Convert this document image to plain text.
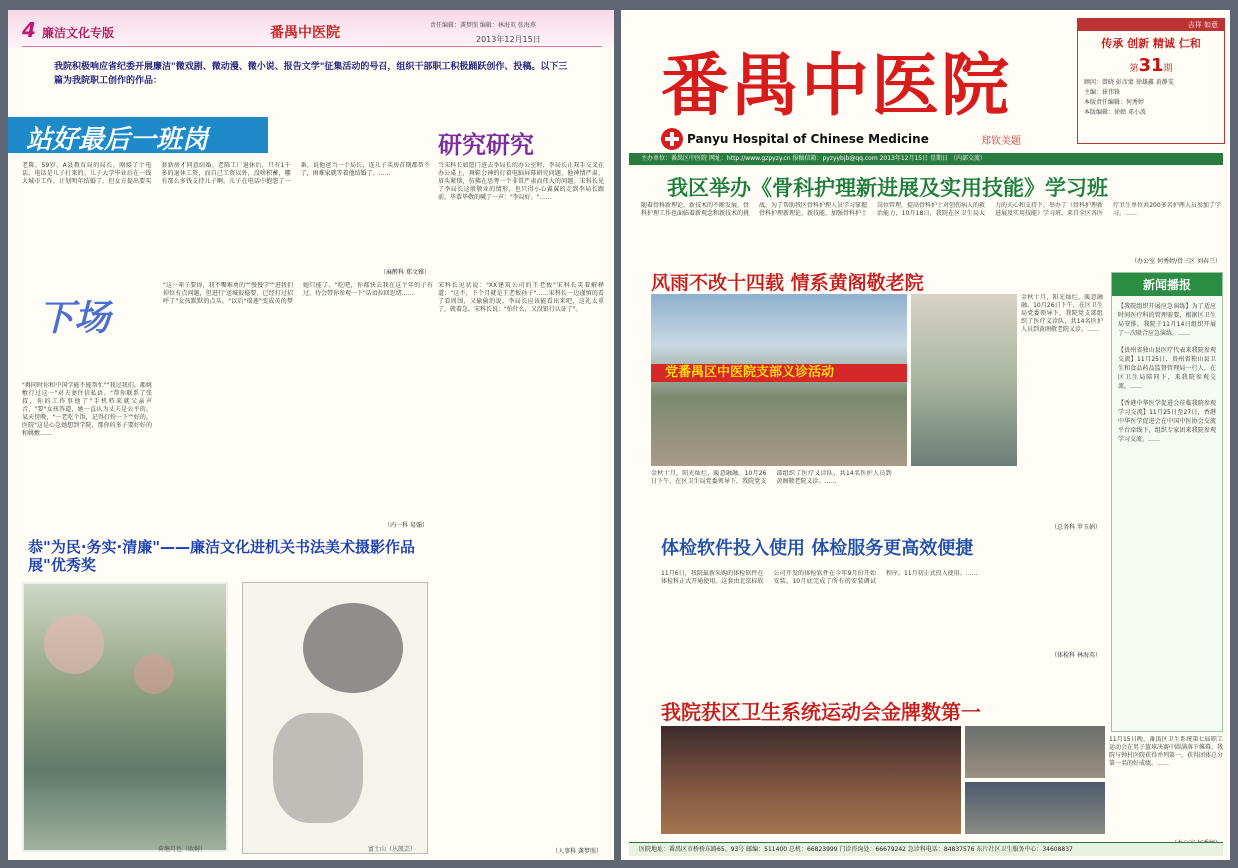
4 廉洁文化专版	番禺中医院	责任编辑：龚梦照 编辑：林海英 张海燕
2013年12月15日
我院积极响应省纪委开展廉洁"微戏剧、微动漫、微小说、报告文学"征集活动的号召，组织干部职工积极踊跃创作、投稿。以下三篇为我院职工创作的作品：
站好最后一班岗	研究研究
老陈，59岁，A县教育局的局长。刚接了个电话，电话是儿子打来的。儿子大学毕业后在一线大城市工作，计划明年结婚了。但女方提出要买套新房才同意结婚。老陈工厂退休后，只有1千多的退休工资，而自己工资以外，没啥积蓄，哪有那么多钱支持儿子啊。儿子在电话中抱怨了一番，说他爸当一个局长，连儿子买房首期都帮不了，困难家就等着他结婚了。……
（麻醉科 郑文雅）
当宋科长如愿门进去李局长的办公室时，李局长正双手交叉在办公桌上，舞鞋会神的打着电脑屏幕研究问题，他神情严肃，眉头紧锁，仿佛在思考一个非常严肃而伟大的问题。宋科长见了李局长这般敬业的情形，也只得小心翼翼的走到李局长跟前，毕恭毕敬的喊了一声："李局好。"……
下场
"再同时你和中国学能不能帮忙""我过我们，都姚敷行过这一"对夫妻住信私语。"帮你联系了张叔，你的工作事他了"手机档来就父亲声音，"要"女孩答道，她一直认为丈夫是公平的。某天傍晚，"一老吃个饭，记得打扮一下""好的，医院"这是心急她想到学院，那你的多子要好好的和姚敷……
"这一辈子要得，我不嘴难勇的""慢慢学""进我们掉位有点问题，但进行'送城很稳要，已经打过招呼了"女孩默默的点头。"以后"瑞莲"变成英的梦她只能了。"吃吧，你都快去我在这个年的子有过，待会带你参观一下"话语拉回思绪……
（内一科 易翰）
宋科长见状说："XX建筑公司的王老板"宋科长笑着解释道："这不，下个月就是王老板孙子"……宋科长一边谨慎的看了看周围，又偷偷的说，李局长应该能看出来吧，这礼太重了，就着急。宋科长说："怕什么，又没银行认证了"。
（人事科 龚梦照）
恭"为民·务实·清廉"——廉洁文化进机关书法美术摄影作品展"优秀奖
荷塘月色（欧姆）	富士山（丛凯芸）
番禺中医院
Panyu Hospital of Chinese Medicine	郑钦美题
吉祥 如意
传承 创新 精诚 仁和
第31期
顾问：曾晓 彭彦蒙 徐雄鑫 黄静雯
主编：崔伟锋
本版责任编辑：何秀婷
本版编辑：徐婵 邓小波
主办单位：番禺区中医院 网址：http://www.gzpyzy.cn 报稿信箱：pyzyybjb@qq.com 2013年12月15日 星期日 （内部交流）
我区举办《骨科护理新进展及实用技能》学习班
随着骨科新理论、新技术的不断发展，骨科护理工作也面临着新观念和新技术的挑战，为了帮助我区骨科护理人员学习掌握骨科护理新理论、新技能，加强骨科护士岗位管理，提高骨科护士对创伤病人的救治能力，10月18日，我院在区卫生局大力的关心和支持下，举办了《骨科护理新进展及实用技能》学习班，来自全区各医疗卫生单位共200多名护理人员参加了学习。……
（办公室 何秀婷/骨三区 刘春兰）
风雨不改十四载 情系黄阁敬老院
党番禺区中医院支部义诊活动
金秋十月，阳光灿烂，暖意融融。10月26日下午，在区卫生局党委领导下，我院党支部组织了医疗义诊队，共14名医护人员到黄阁敬老院义诊。……
金秋十月，阳光灿烂，暖意融融。10月26日下午，在区卫生局党委领导下，我院党支部组织了医疗义诊队，共14名医护人员到黄阁敬老院义诊。……
（总务科 罗玉娟）
新闻播报

【我院组织开展应急演练】为了适应时间医疗科的管理需要，根据区卫生局安排，我院于11月14日组织开展了一次联合应急演练。……

【贵州省独山县医疗代表来我院参观交流】11月25日，贵州省独山县卫生和食品药品监督管理局一行人，在区卫生局陪同下，来我院参观交流。……

【香港中华医学促进会莅临我院参观学习交流】11月25日至27日，香港中华医学促进会在中国中医协会交流平台牵线下，组织专家团来我院参观学习交流。……

体检软件投入使用 体检服务更高效便捷
11月6日，我院最新采购的体检软件在体检科正式开通使用。这套由北京标软公司开发的体检软件在今年9月份开始安装，10月底完成了所有的安装调试程序，11月初正式投入使用。……
（体检科 林海英）
我院获区卫生系统运动会金牌数第一
11月15日晚，番禺区卫生系统第七届职工运动会在男子篮球决赛中圆满落下帷幕，我院与钟村医院获得并列第一，获得团体总分第一名的好成绩。……
医院地址：番禺区市桥桥东路65、93号 邮编：511400 总机：66823999 门诊咨询处：66679242 急诊科电话：84837576 东片社区卫生服务中心：34608837
